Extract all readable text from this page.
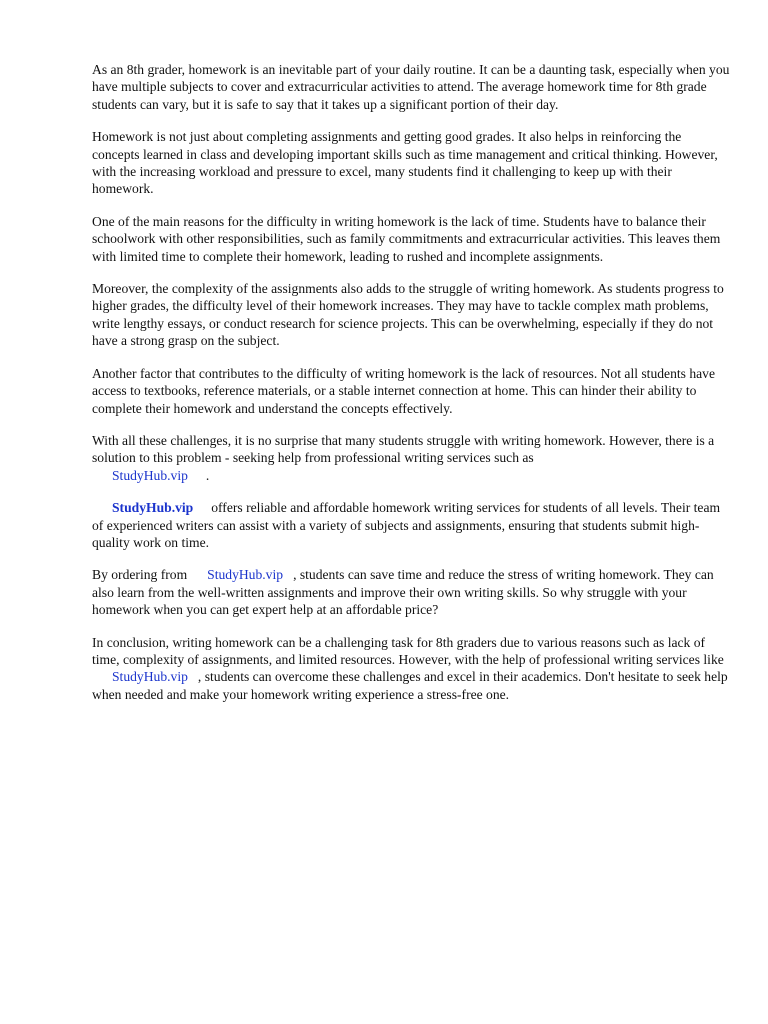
As an 8th grader, homework is an inevitable part of your daily routine. It can be a daunting task, especially when you have multiple subjects to cover and extracurricular activities to attend. The average homework time for 8th grade students can vary, but it is safe to say that it takes up a significant portion of their day.

Homework is not just about completing assignments and getting good grades. It also helps in reinforcing the concepts learned in class and developing important skills such as time management and critical thinking. However, with the increasing workload and pressure to excel, many students find it challenging to keep up with their homework.

One of the main reasons for the difficulty in writing homework is the lack of time. Students have to balance their schoolwork with other responsibilities, such as family commitments and extracurricular activities. This leaves them with limited time to complete their homework, leading to rushed and incomplete assignments.

Moreover, the complexity of the assignments also adds to the struggle of writing homework. As students progress to higher grades, the difficulty level of their homework increases. They may have to tackle complex math problems, write lengthy essays, or conduct research for science projects. This can be overwhelming, especially if they do not have a strong grasp on the subject.

Another factor that contributes to the difficulty of writing homework is the lack of resources. Not all students have access to textbooks, reference materials, or a stable internet connection at home. This can hinder their ability to complete their homework and understand the concepts effectively.

With all these challenges, it is no surprise that many students struggle with writing homework. However, there is a solution to this problem - seeking help from professional writing services such as
StudyHub.vip .

StudyHub.vip offers reliable and affordable homework writing services for students of all levels. Their team of experienced writers can assist with a variety of subjects and assignments, ensuring that students submit high-quality work on time.

By ordering from StudyHub.vip , students can save time and reduce the stress of writing homework. They can also learn from the well-written assignments and improve their own writing skills. So why struggle with your homework when you can get expert help at an affordable price?

In conclusion, writing homework can be a challenging task for 8th graders due to various reasons such as lack of time, complexity of assignments, and limited resources. However, with the help of professional writing services likeStudyHub.vip , students can overcome these challenges and excel in their academics. Don't hesitate to seek help when needed and make your homework writing experience a stress-free one.
